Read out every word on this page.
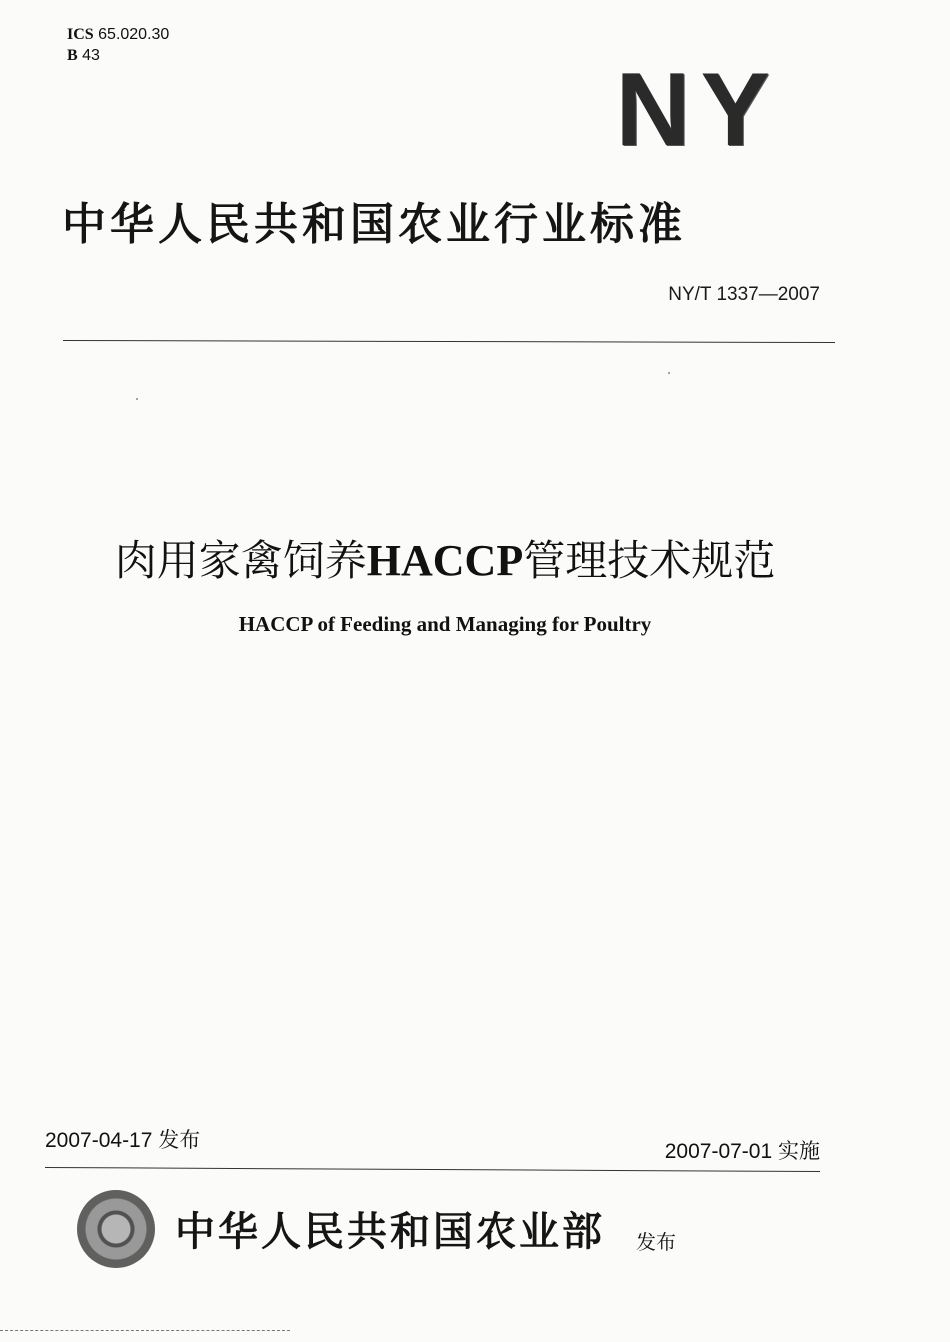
ICS 65.020.30
B 43	NY
中华人民共和国农业行业标准
NY/T 1337—2007
肉用家禽饲养HACCP管理技术规范
HACCP of Feeding and Managing for Poultry
2007-04-17 发布	2007-07-01 实施
中华人民共和国农业部 发布
